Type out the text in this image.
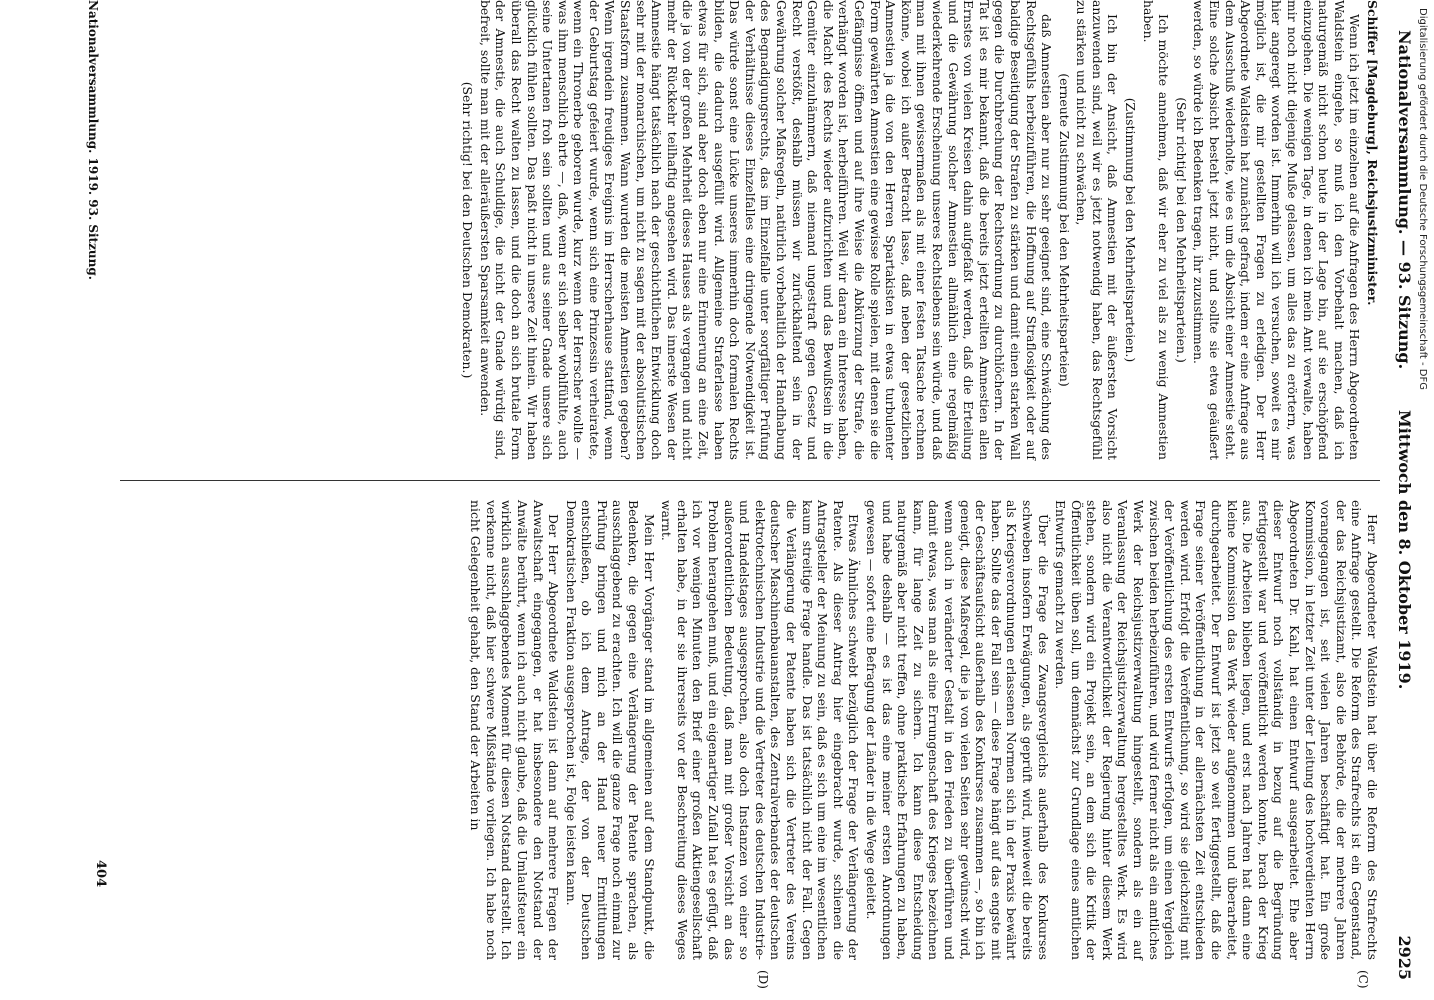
Nationalversammlung. — 93. Sitzung.
Mittwoch den 8. Oktober 1919.
2925
(C)
(D)

Schiffer [Magdeburg], Reichsjustizminister.

Wenn ich jetzt im einzelnen auf die Anfragen des Herrn Abgeordneten Waldstein eingehe, so muß ich den Vorbehalt machen, daß ich naturgemäß nicht schon heute in der Lage bin, auf sie erschöpfend einzugehen. Die wenigen Tage, in denen ich mein Amt verwalte, haben mir noch nicht diejenige Muße gelassen, um alles das zu erörtern, was hier angeregt worden ist. Immerhin will ich versuchen, soweit es mir möglich ist, die mir gestellten Fragen zu erledigen. Der Herr Abgeordnete Waldstein hat zunächst gefragt, indem er eine Anfrage aus dem Ausschuß wiederholte, wie es um die Absicht einer Amnestie steht. Eine solche Absicht besteht jetzt nicht, und sollte sie etwa geäußert werden, so würde ich Bedenken tragen, ihr zuzustimmen.

(Sehr richtig! bei den Mehrheitsparteien.)

Ich möchte annehmen, daß wir eher zu viel als zu wenig Amnestien haben.

(Zustimmung bei den Mehrheitsparteien.)

Ich bin der Ansicht, daß Amnestien mit der äußersten Vorsicht anzuwenden sind, weil wir es jetzt notwendig haben, das Rechtsgefühl zu stärken und nicht zu schwächen,

(erneute Zustimmung bei den Mehrheitsparteien)

daß Amnestien aber nur zu sehr geeignet sind, eine Schwächung des Rechtsgefühls herbeizuführen, die Hoffnung auf Straflosigkeit oder auf baldige Beseitigung der Strafen zu stärken und damit einen starken Wall gegen die Durchbrechung der Rechtsordnung zu durchlöchern. In der Tat ist es mir bekannt, daß die bereits jetzt erteilten Amnestien allen Ernstes von vielen Kreisen dahin aufgefaßt werden, daß die Erteilung und die Gewährung solcher Amnestien allmählich eine regelmäßig wiederkehrende Erscheinung unseres Rechtslebens sein würde, und daß man mit ihnen gewissermaßen als mit einer festen Tatsache rechnen könne, wobei ich außer Betracht lasse, daß neben der gesetzlichen Amnestien ja die von den Herren Spartakisten in etwas turbulenter Form gewährten Amnestien eine gewisse Rolle spielen, mit denen sie die Gefängnisse öffnen und auf ihre Weise die Abkürzung der Strafe, die verhängt worden ist, herbeiführen. Weil wir daran ein Interesse haben, die Macht des Rechts wieder aufzurichten und das Bewußtsein in die Gemüter einzuhämmern, daß niemand ungestraft gegen Gesetz und Recht verstößt, deshalb müssen wir zurückhaltend sein in der Gewährung solcher Maßregeln, natürlich vorbehaltlich der Handhabung des Begnadigungsrechts, das im Einzelfalle unter sorgfältiger Prüfung der Verhältnisse dieses Einzelfalles eine dringende Notwendigkeit ist. Das würde sonst eine Lücke unseres immerhin doch formalen Rechts bilden, die dadurch ausgefüllt wird. Allgemeine Straferlasse haben etwas für sich, sind aber doch eben nur eine Erinnerung an eine Zeit, die ja von der großen Mehrheit dieses Hauses als vergangen und nicht mehr der Rückkehr teilhaftig angesehen wird. Das innerste Wesen der Amnestie hängt tatsächlich nach der geschichtlichen Entwicklung doch sehr mit der monarchischen, um nicht zu sagen mit der absolutistischen Staatsform zusammen. Wann wurden die meisten Amnestien gegeben? Wenn irgendein freudiges Ereignis im Herrscherhause stattfand, wenn der Geburtstag gefeiert wurde, wenn sich eine Prinzessin verheiratete, wenn ein Thronerbe geboren wurde, kurz wenn der Herrscher wollte — was ihm menschlich ehrte —, daß, wenn er sich selber wohlfühlte, auch seine Untertanen froh sein sollten und aus seiner Gnade unsere sich glücklich fühlen sollten. Das paßt nicht in unsere Zeit hinein. Wir haben überall das Recht walten zu lassen, und die doch an sich brutale Form der Amnestie, die auch Schuldige, die nicht der Gnade würdig sind, befreit, sollte man mit der alleräußersten Sparsamkeit anwenden.

(Sehr richtig! bei den Deutschen Demokraten.)

Herr Abgeordneter Waldstein hat über die Reform des Strafrechts eine Anfrage gestellt. Die Reform des Strafrechts ist ein Gegenstand, der das Reichsjustizamt, also die Behörde, die der mehrere Jahren vorangegangen ist, seit vielen Jahren beschäftigt hat. Ein große Kommission, in letzter Zeit unter der Leitung des hochverdienten Herrn Abgeordneten Dr. Kahl, hat einen Entwurf ausgearbeitet. Ehe aber dieser Entwurf noch vollständig in bezug auf die Begründung fertiggestellt war und veröffentlicht werden konnte, brach der Krieg aus. Die Arbeiten blieben liegen, und erst nach Jahren hat dann eine kleine Kommission das Werk wieder aufgenommen und überarbeitet, durchgearbeitet. Der Entwurf ist jetzt so weit fertiggestellt, daß die Frage seiner Veröffentlichung in der allernächsten Zeit entschieden werden wird. Erfolgt die Veröffentlichung, so wird sie gleichzeitig mit der Veröffentlichung des ersten Entwurfs erfolgen, um einen Vergleich zwischen beiden herbeizuführen, und wird ferner nicht als ein amtliches Werk der Reichsjustizverwaltung hingestellt, sondern als ein auf Veranlassung der Reichsjustizverwaltung hergestelltes Werk. Es wird also nicht die Verantwortlichkeit der Regierung hinter diesem Werk stehen, sondern wird ein Projekt sein, an dem sich die Kritik der Öffentlichkeit üben soll, um demnächst zur Grundlage eines amtlichen Entwurfs gemacht zu werden.

Über die Frage des Zwangsvergleichs außerhalb des Konkurses schweben insofern Erwägungen, als geprüft wird, inwieweit die bereits als Kriegsverordnungen erlassenen Normen sich in der Praxis bewährt haben. Sollte das der Fall sein — diese Frage hängt auf das engste mit der Geschäftsaufsicht außerhalb des Konkurses zusammen —, so bin ich geneigt, diese Maßregel, die ja von vielen Seiten sehr gewünscht wird, wenn auch in veränderter Gestalt in den Frieden zu überführen und damit etwas, was man als eine Errungenschaft des Krieges bezeichnen kann, für lange Zeit zu sichern. Ich kann diese Entscheidung naturgemäß aber nicht treffen, ohne praktische Erfahrungen zu haben, und habe deshalb — es ist das eine meiner ersten Anordnungen gewesen — sofort eine Befragung der Länder in die Wege geleitet.

Etwas Ähnliches schwebt bezüglich der Frage der Verlängerung der Patente. Als dieser Antrag hier eingebracht wurde, schienen die Antragsteller der Meinung zu sein, daß es sich um eine im wesentlichen kaum streitige Frage handle. Das ist tatsächlich nicht der Fall. Gegen die Verlängerung der Patente haben sich die Vertreter des Vereins deutscher Maschinenbauanstalten, des Zentralverbandes der deutschen elektrotechnischen Industrie und die Vertreter des deutschen Industrie- und Handelstages ausgesprochen, also doch Instanzen von einer so außerordentlichen Bedeutung, daß man mit großer Vorsicht an das Problem herangehen muß, und ein eigenartiger Zufall hat es gefügt, daß ich vor wenigen Minuten den Brief einer großen Aktiengesellschaft erhalten habe, in der sie ihrerseits vor der Beschreitung dieses Weges warnt.

Mein Herr Vorgänger stand im allgemeinen auf dem Standpunkt, die Bedenken, die gegen eine Verlängerung der Patente sprachen, als ausschlaggebend zu erachten. Ich will die ganze Frage noch einmal zur Prüfung bringen und mich an der Hand neuer Ermittlungen entschließen, ob ich dem Antrage, der von der Deutschen Demokratischen Fraktion ausgesprochen ist, Folge leisten kann.

Der Herr Abgeordnete Waldstein ist dann auf mehrere Fragen der Anwaltschaft eingegangen, er hat insbesondere den Notstand der Anwälte berührt, wenn ich auch nicht glaube, daß die Umlaufsteuer ein wirklich ausschlaggebendes Moment für diesen Notstand darstellt. Ich verkenne nicht, daß hier schwere Mißstände vorliegen. Ich habe noch nicht Gelegenheit gehabt, den Stand der Arbeiten in

Nationalversammlung. 1919. 93. Sitzung.
404
Digitalisierung gefördert durch die Deutsche Forschungsgemeinschaft - DFG
